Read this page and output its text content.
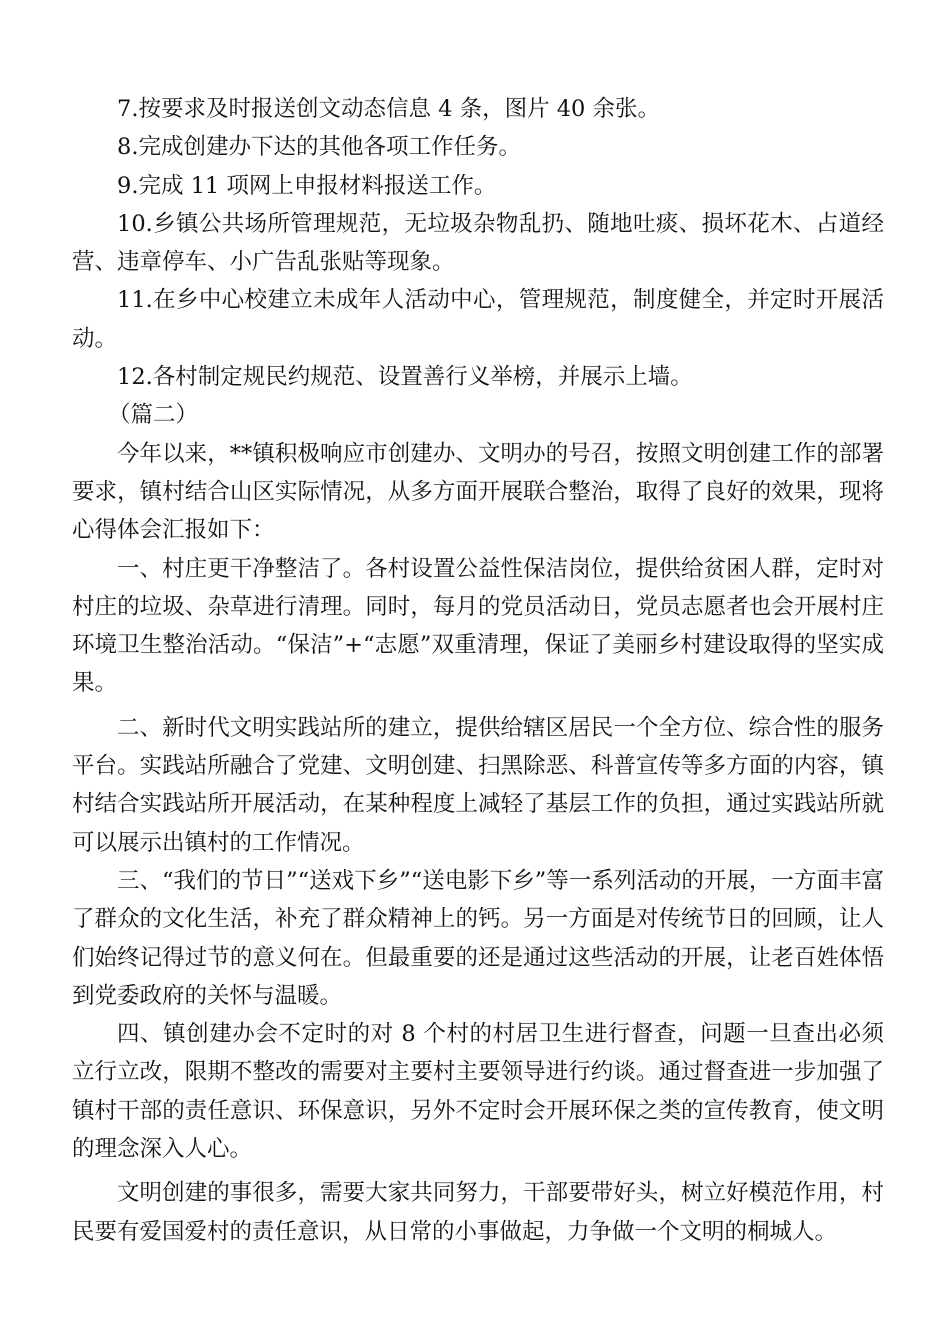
7.按要求及时报送创文动态信息 4 条，图片 40 余张。

8.完成创建办下达的其他各项工作任务。

9.完成 11 项网上申报材料报送工作。

10.乡镇公共场所管理规范，无垃圾杂物乱扔、随地吐痰、损坏花木、占道经营、违章停车、小广告乱张贴等现象。

11.在乡中心校建立未成年人活动中心，管理规范，制度健全，并定时开展活动。

12.各村制定规民约规范、设置善行义举榜，并展示上墙。

（篇二）

今年以来，**镇积极响应市创建办、文明办的号召，按照文明创建工作的部署要求，镇村结合山区实际情况，从多方面开展联合整治，取得了良好的效果，现将心得体会汇报如下：

一、村庄更干净整洁了。各村设置公益性保洁岗位，提供给贫困人群，定时对村庄的垃圾、杂草进行清理。同时，每月的党员活动日，党员志愿者也会开展村庄环境卫生整治活动。“保洁”+“志愿”双重清理，保证了美丽乡村建设取得的坚实成果。

二、新时代文明实践站所的建立，提供给辖区居民一个全方位、综合性的服务平台。实践站所融合了党建、文明创建、扫黑除恶、科普宣传等多方面的内容，镇村结合实践站所开展活动，在某种程度上减轻了基层工作的负担，通过实践站所就可以展示出镇村的工作情况。

三、“我们的节日”“送戏下乡”“送电影下乡”等一系列活动的开展，一方面丰富了群众的文化生活，补充了群众精神上的钙。另一方面是对传统节日的回顾，让人们始终记得过节的意义何在。但最重要的还是通过这些活动的开展，让老百姓体悟到党委政府的关怀与温暖。

四、镇创建办会不定时的对 8 个村的村居卫生进行督查，问题一旦查出必须立行立改，限期不整改的需要对主要村主要领导进行约谈。通过督查进一步加强了镇村干部的责任意识、环保意识，另外不定时会开展环保之类的宣传教育，使文明的理念深入人心。

文明创建的事很多，需要大家共同努力，干部要带好头，树立好模范作用，村民要有爱国爱村的责任意识，从日常的小事做起，力争做一个文明的桐城人。
